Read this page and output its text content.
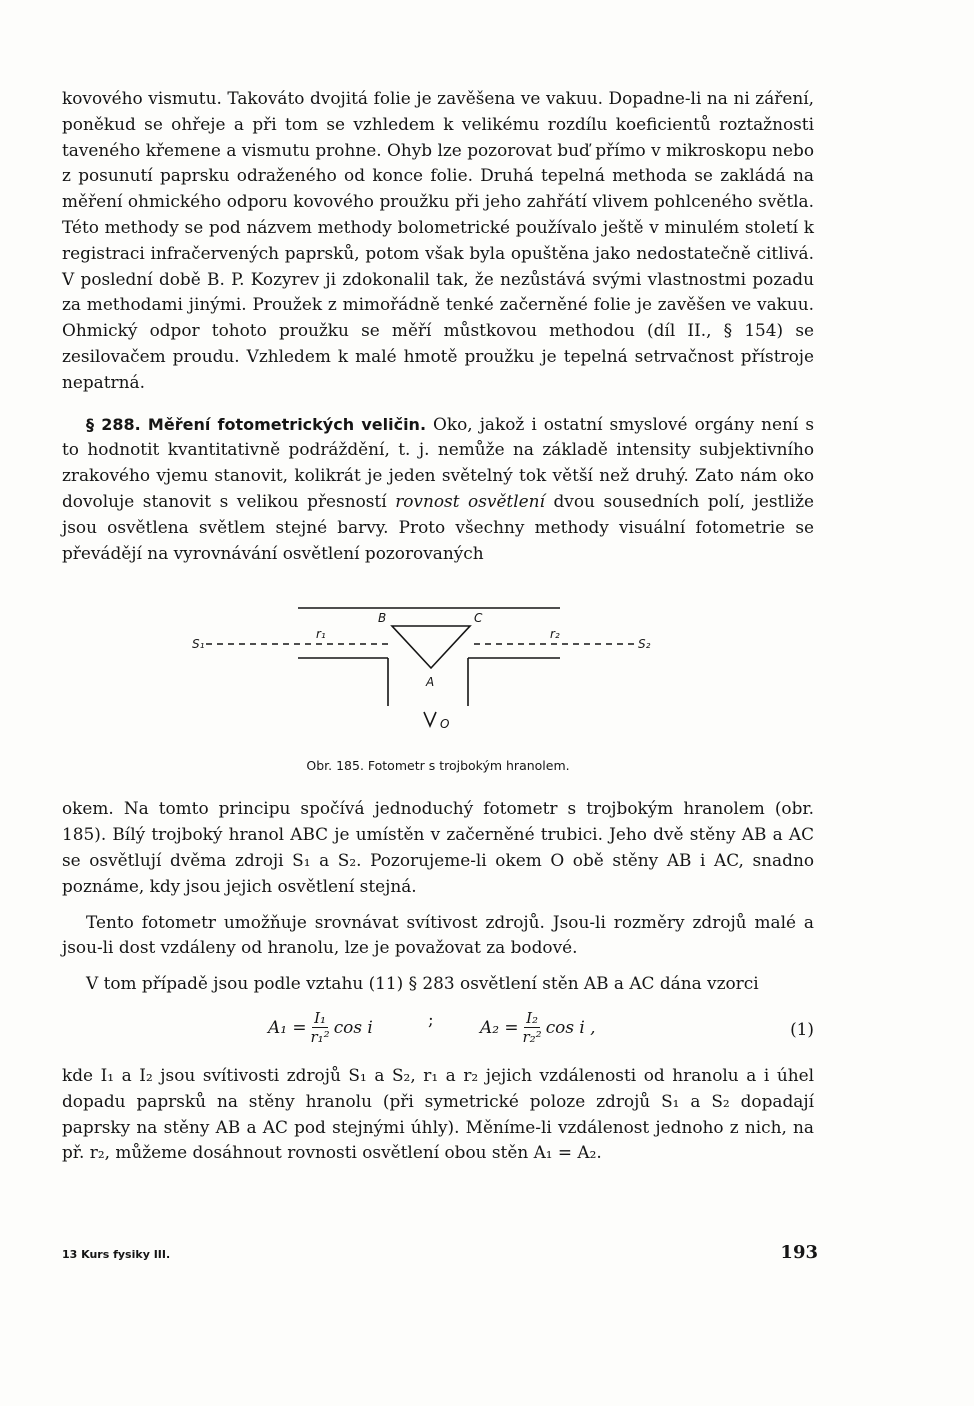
kovového vismutu. Takováto dvojitá folie je zavěšena ve vakuu. Dopadne-li na ni záření, poněkud se ohřeje a při tom se vzhledem k velikému rozdílu koeficientů roztažnosti taveného křemene a vismutu prohne. Ohyb lze pozorovat buď přímo v mikroskopu nebo z posunutí paprsku odraženého od konce folie. Druhá tepelná methoda se zakládá na měření ohmického odporu kovového proužku při jeho zahřátí vlivem pohlceného světla. Této methody se pod názvem methody bolometrické používalo ještě v minulém století k registraci infračervených paprsků, potom však byla opuštěna jako nedostatečně citlivá. V poslední době B. P. Kozyrev ji zdokonalil tak, že nezůstává svými vlastnostmi pozadu za methodami jinými. Proužek z mimořádně tenké začerněné folie je zavěšen ve vakuu. Ohmický odpor tohoto proužku se měří můstkovou methodou (díl II., § 154) se zesilovačem proudu. Vzhledem k malé hmotě proužku je tepelná setrvačnost přístroje nepatrná.

§ 288. Měření fotometrických veličin. Oko, jakož i ostatní smyslové orgány není s to hodnotit kvantitativně podráždění, t. j. nemůže na základě intensity subjektivního zrakového vjemu stanovit, kolikrát je jeden světelný tok větší než druhý. Zato nám oko dovoluje stanovit s velikou přesností rovnost osvětlení dvou sousedních polí, jestliže jsou osvětlena světlem stejné barvy. Proto všechny methody visuální fotometrie se převádějí na vyrovnávání osvětlení pozorovaných

S₁	S₂
r₁	r₂
B	C
A
O
Obr. 185. Fotometr s trojbokým hranolem.

okem. Na tomto principu spočívá jednoduchý fotometr s trojbokým hranolem (obr. 185). Bílý trojboký hranol ABC je umístěn v začerněné trubici. Jeho dvě stěny AB a AC se osvětlují dvěma zdroji S₁ a S₂. Pozorujeme-li okem O obě stěny AB i AC, snadno poznáme, kdy jsou jejich osvětlení stejná.

Tento fotometr umožňuje srovnávat svítivost zdrojů. Jsou-li rozměry zdrojů malé a jsou-li dost vzdáleny od hranolu, lze je považovat za bodové.

V tom případě jsou podle vztahu (11) § 283 osvětlení stěn AB a AC dána vzorci

$A_1 = \frac{\text{I₁}}{\text{r₁²}}$ cos i	;	$A_2 = \frac{\text{I₂}}{\text{r₂²}}$ cos i ,	(1)

kde I₁ a I₂ jsou svítivosti zdrojů S₁ a S₂, r₁ a r₂ jejich vzdálenosti od hranolu a i úhel dopadu paprsků na stěny hranolu (při symetrické poloze zdrojů S₁ a S₂ dopadají paprsky na stěny AB a AC pod stejnými úhly). Měníme-li vzdálenost jednoho z nich, na př. r₂, můžeme dosáhnout rovnosti osvětlení obou stěn A₁ = A₂.

13 Kurs fysiky III.	193
